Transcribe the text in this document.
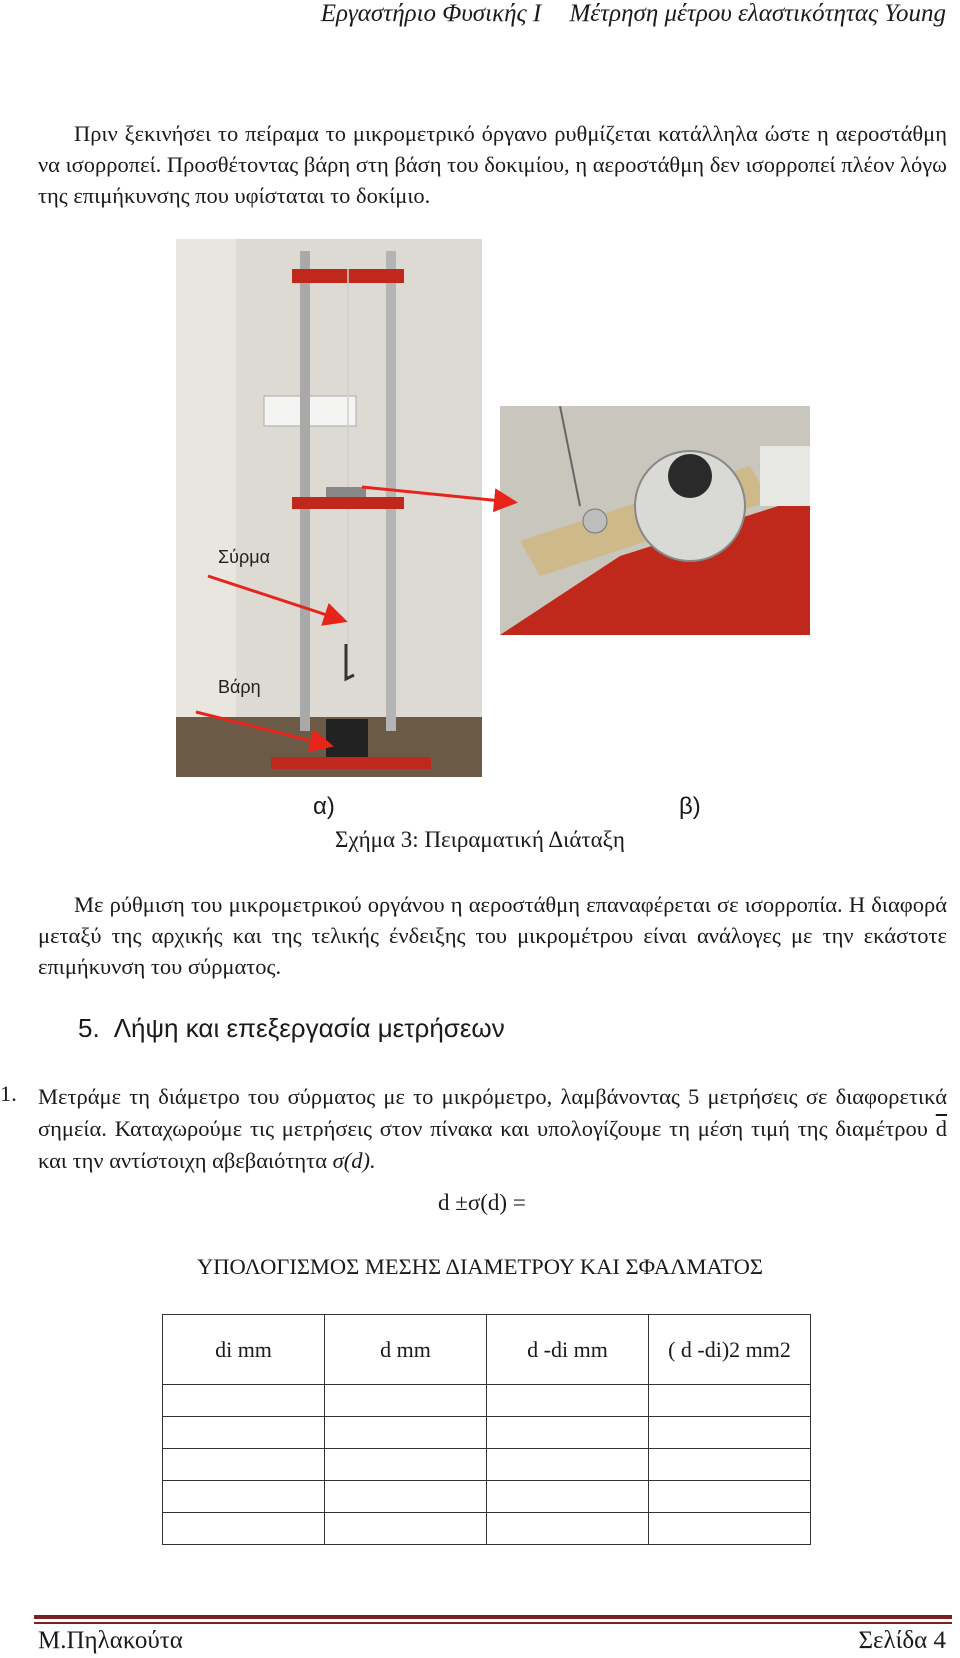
Εργαστήριο Φυσικής Ι Μέτρηση μέτρου ελαστικότητας Young
Πριν ξεκινήσει το πείραμα το μικρομετρικό όργανο ρυθμίζεται κατάλληλα ώστε η αεροστάθμη να ισορροπεί. Προσθέτοντας βάρη στη βάση του δοκιμίου, η αεροστάθμη δεν ισορροπεί πλέον λόγω της επιμήκυνσης που υφίσταται το δοκίμιο.
Σύρμα
Βάρη
α)	β)
Σχήμα 3: Πειραματική Διάταξη
Με ρύθμιση του μικρομετρικού οργάνου η αεροστάθμη επαναφέρεται σε ισορροπία. Η διαφορά μεταξύ της αρχικής και της τελικής ένδειξης του μικρομέτρου είναι ανάλογες με την εκάστοτε επιμήκυνση του σύρματος.
5. Λήψη και επεξεργασία μετρήσεων
1. Μετράμε τη διάμετρο του σύρματος με το μικρόμετρο, λαμβάνοντας 5 μετρήσεις σε διαφορετικά σημεία. Καταχωρούμε τις μετρήσεις στον πίνακα και υπολογίζουμε τη μέση τιμή της διαμέτρου $\overline{d}$ και την αντίστοιχη αβεβαιότητα σ(d).
d ±σ(d) =
ΥΠΟΛΟΓΙΣΜΟΣ ΜΕΣΗΣ ΔΙΑΜΕΤΡΟΥ ΚΑΙ ΣΦΑΛΜΑΤΟΣ
di mm	d mm	d -di mm	( d -di)2 mm2

Μ.Πηλακούτα	Σελίδα 4
